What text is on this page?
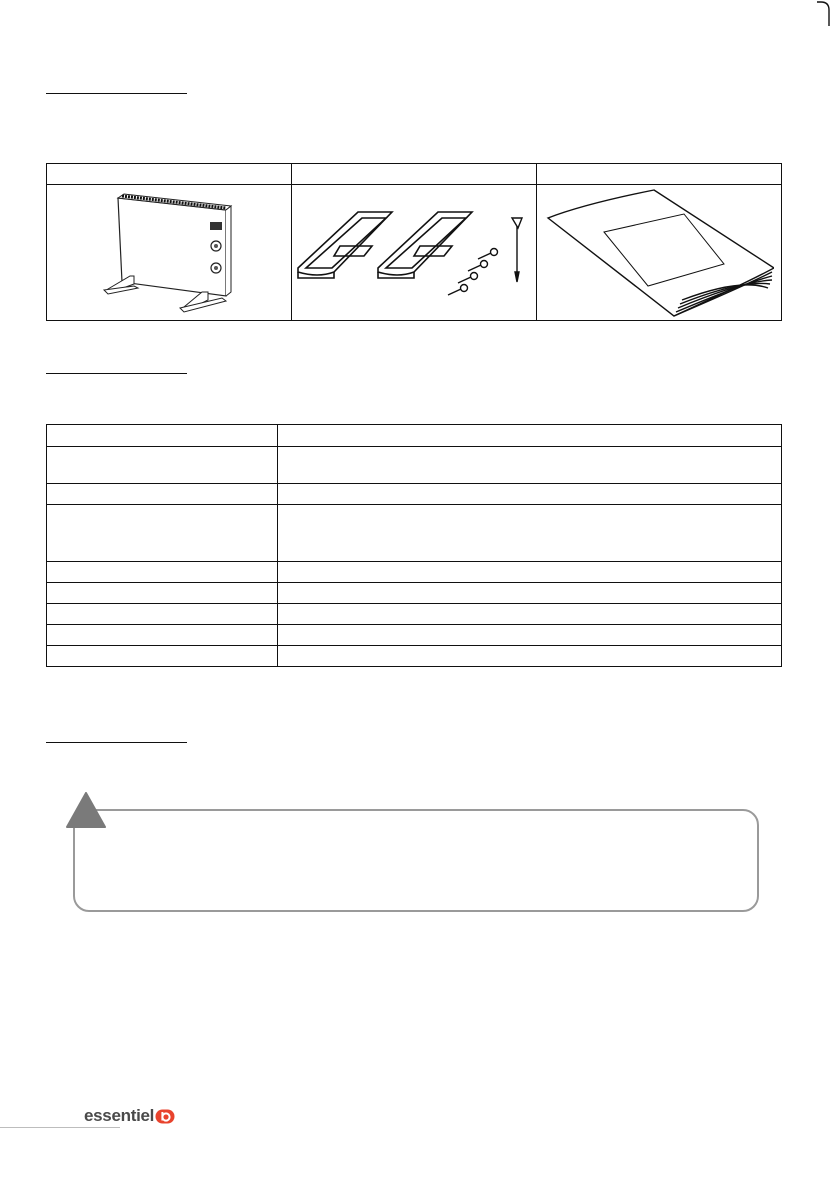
essentiel
